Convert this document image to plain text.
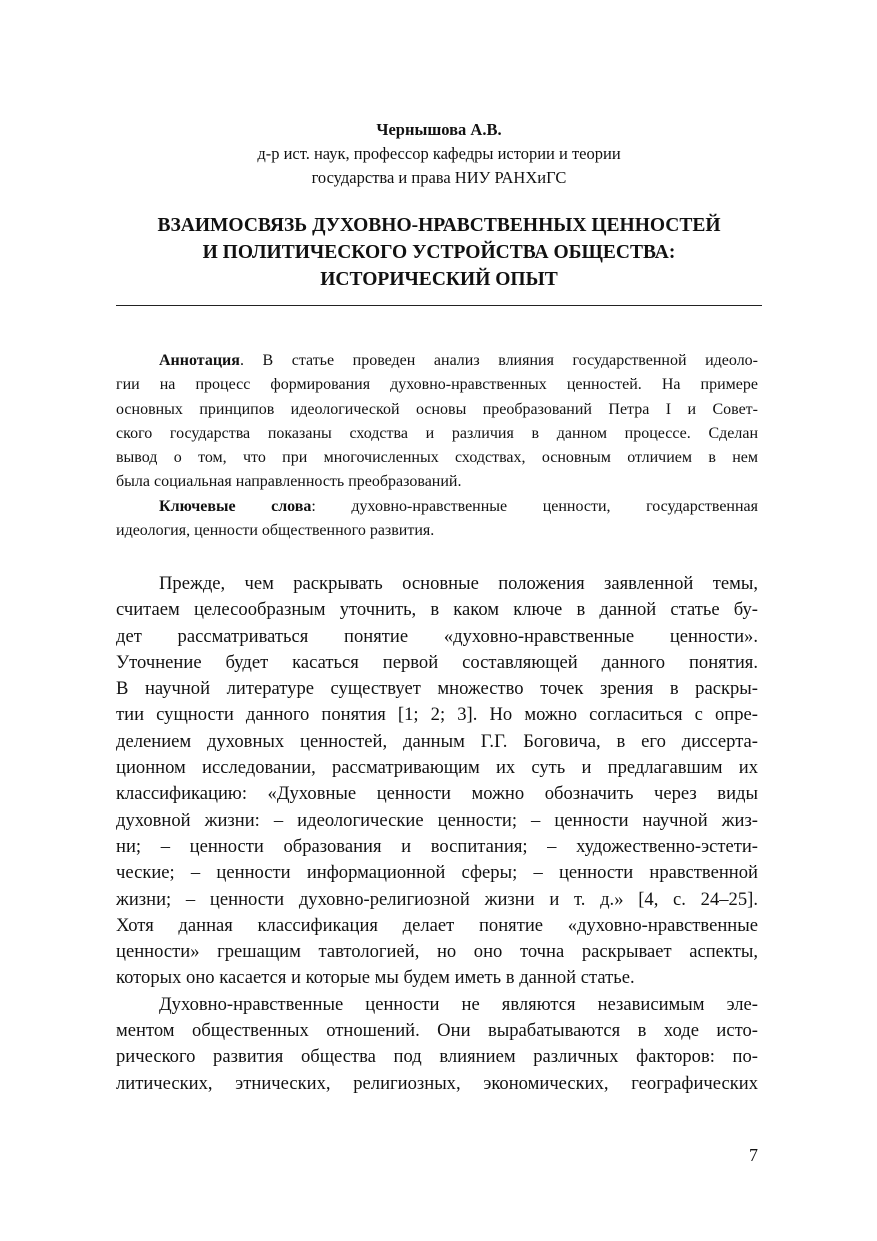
Чернышова А.В.
д-р ист. наук, профессор кафедры истории и теории
государства и права НИУ РАНХиГС
ВЗАИМОСВЯЗЬ ДУХОВНО-НРАВСТВЕННЫХ ЦЕННОСТЕЙ
И ПОЛИТИЧЕСКОГО УСТРОЙСТВА ОБЩЕСТВА:
ИСТОРИЧЕСКИЙ ОПЫТ

Аннотация. В статье проведен анализ влияния государственной идеоло-
гии на процесс формирования духовно-нравственных ценностей. На примере
основных принципов идеологической основы преобразований Петра I и Совет-
ского государства показаны сходства и различия в данном процессе. Сделан
вывод о том, что при многочисленных сходствах, основным отличием в нем
была социальная направленность преобразований.

Ключевые слова: духовно-нравственные ценности, государственная
идеология, ценности общественного развития.

Прежде, чем раскрывать основные положения заявленной темы,
считаем целесообразным уточнить, в каком ключе в данной статье бу-
дет рассматриваться понятие «духовно-нравственные ценности».
Уточнение будет касаться первой составляющей данного понятия.
В научной литературе существует множество точек зрения в раскры-
тии сущности данного понятия [1; 2; 3]. Но можно согласиться с опре-
делением духовных ценностей, данным Г.Г. Боговича, в его диссерта-
ционном исследовании, рассматривающим их суть и предлагавшим их
классификацию: «Духовные ценности можно обозначить через виды
духовной жизни: – идеологические ценности; – ценности научной жиз-
ни; – ценности образования и воспитания; – художественно-эстети-
ческие; – ценности информационной сферы; – ценности нравственной
жизни; – ценности духовно-религиозной жизни и т. д.» [4, с. 24–25].
Хотя данная классификация делает понятие «духовно-нравственные
ценности» грешащим тавтологией, но оно точна раскрывает аспекты,
которых оно касается и которые мы будем иметь в данной статье.

Духовно-нравственные ценности не являются независимым эле-
ментом общественных отношений. Они вырабатываются в ходе исто-
рического развития общества под влиянием различных факторов: по-
литических, этнических, религиозных, экономических, географических

7
